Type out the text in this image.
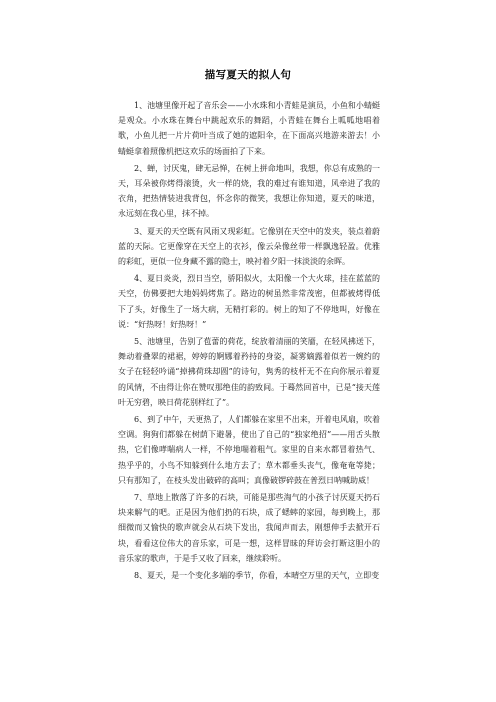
描写夏天的拟人句

1、池塘里像开起了音乐会——小水珠和小青蛙是演员，小鱼和小蜻蜓是观众。小水珠在舞台中跳起欢乐的舞蹈，小青蛙在舞台上呱呱地唱着歌，小鱼儿把一片片荷叶当成了她的遮阳伞，在下面高兴地游来游去！小蜻蜓拿着照像机把这欢乐的场面拍了下来。

2、蝉，讨厌鬼，肆无忌惮，在树上拼命地叫，我想，你总有成熟的一天，耳朵被你烤得滚烫，火一样的烧，我的难过有谁知道，风牵进了我的衣角，把热情装进我背包，怀念你的微笑，我想让你知道，夏天的味道，永远刻在我心里，抹不掉。

3、夏天的天空既有风雨又现彩虹。它像别在天空中的发夹，装点着蔚蓝的天际。它更像穿在天空上的衣衫，像云朵像丝带一样飘逸轻盈。优雅的彩虹，更似一位身藏不露的隐士，映衬着夕阳一抹淡淡的余晖。

4、夏日炎炎，烈日当空，骄阳似火，太阳像一个大火球，挂在蓝蓝的天空，仿佛要把大地妈妈烤焦了。路边的树虽然非常茂密，但都被烤得低下了头，好像生了一场大病，无精打彩的。树上的知了不停地叫，好像在说：“好热呀！好热呀！”

5、池塘里，告别了苞蕾的荷花，绽放着清丽的笑靥，在轻风拂送下，舞动着叠翠的裙裾，婷婷的婀娜着矜持的身姿，凝雾嫡露着似若一婉约的女子在轻轻吟诵“掉拂荷珠却圆”的诗句，隽秀的枝杆无不在向你展示着夏的风情，不由得让你在赞叹那绝佳的韵致间。于蓦然回首中，已是“接天莲叶无穷碧，映日荷花别样红了”。

6、到了中午，天更热了，人们都躲在家里不出来，开着电风扇，吹着空调。狗狗们都躲在树荫下避暑，使出了自己的“独家绝招”——用舌头散热，它们像哮喘病人一样，不停地喘着粗气。家里的自来水都冒着热气、热乎乎的，小鸟不知躲到什么地方去了；草木都垂头丧气，像奄奄等毙；只有那知了，在枝头发出破碎的高叫；真像破锣碎鼓在普烈日呐喊助威！

7、草地上散落了许多的石块，可能是那些淘气的小孩子讨厌夏天扔石块来解气的吧。正是因为他们扔的石块，成了蟋蟀的家园，每到晚上，那细微而又愉快的歌声就会从石块下发出，我闻声而去，刚想伸手去掀开石块，看看这位伟大的音乐家，可是一想，这样冒昧的拜访会打断这胆小的音乐家的歌声，于是手又收了回来，继续聆听。

8、夏天，是一个变化多端的季节，你看，本晴空万里的天气，立即变
